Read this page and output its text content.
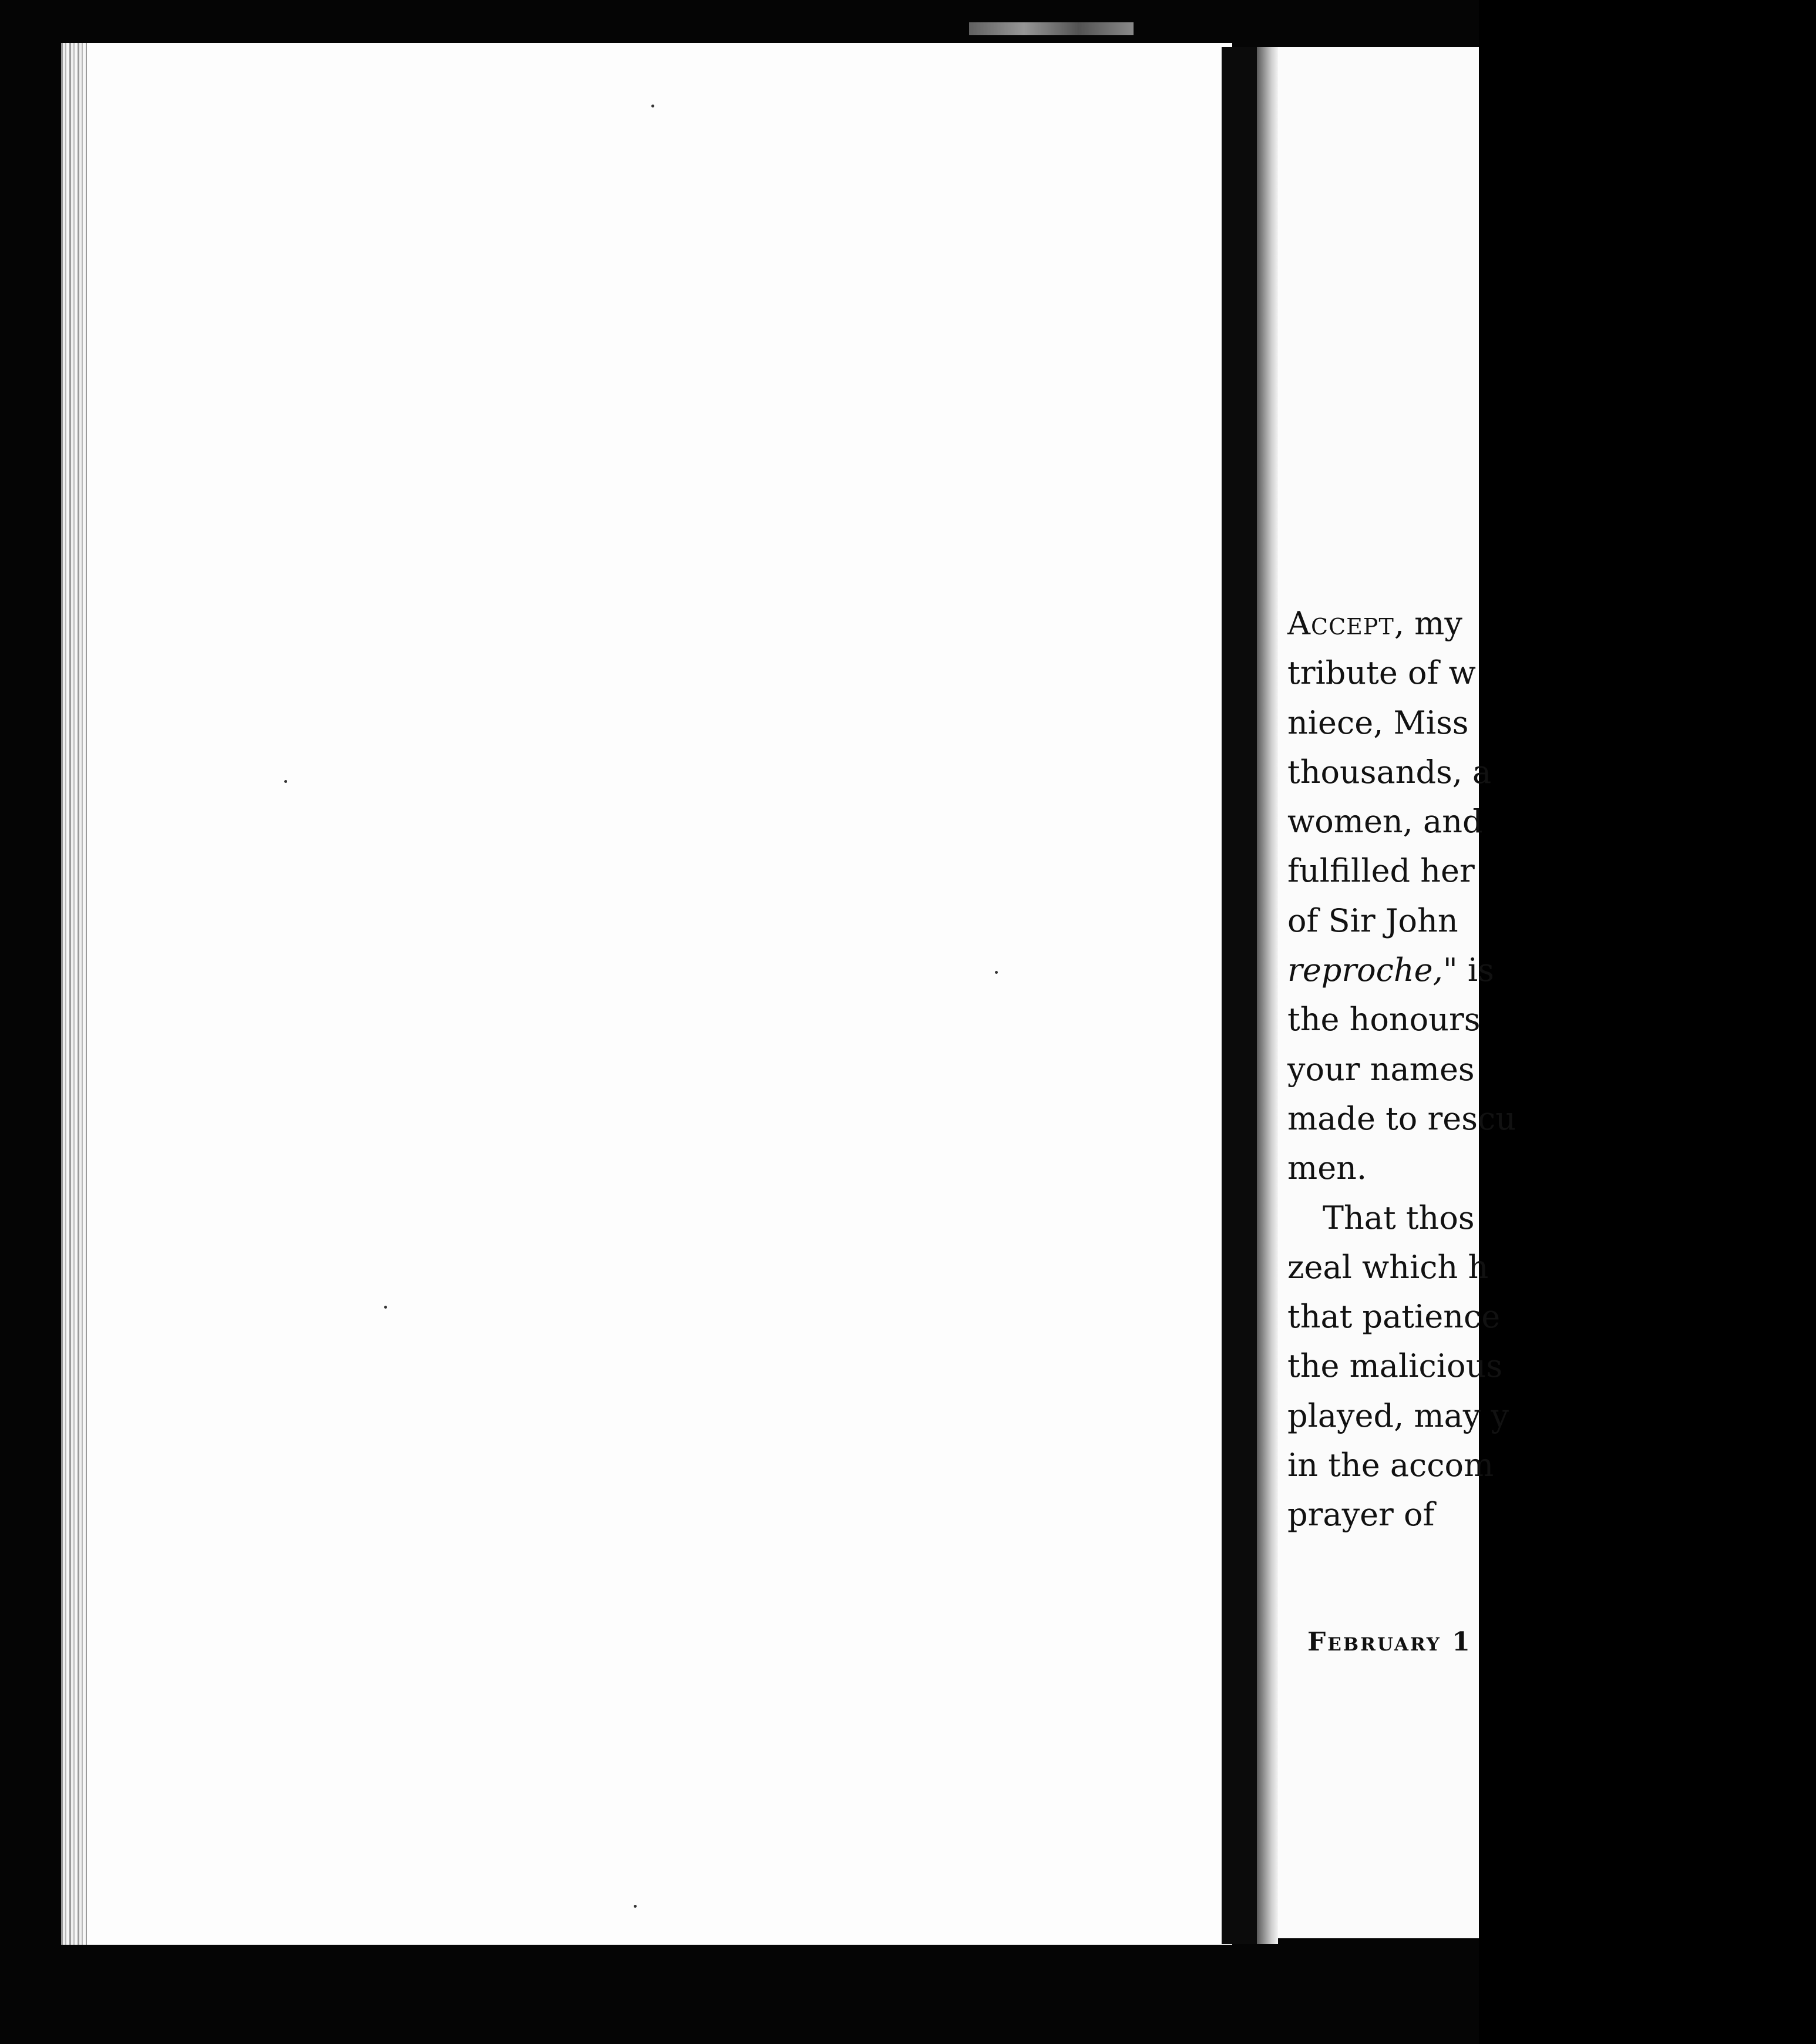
Accept, my
tribute of w
niece, Miss
thousands, a
women, and
fulfilled her
of Sir John
reproche," is
the honours
your names
made to rescu
men.
That thos
zeal which h
that patience
the malicious
played, may y
in the accom
prayer of
February 1
